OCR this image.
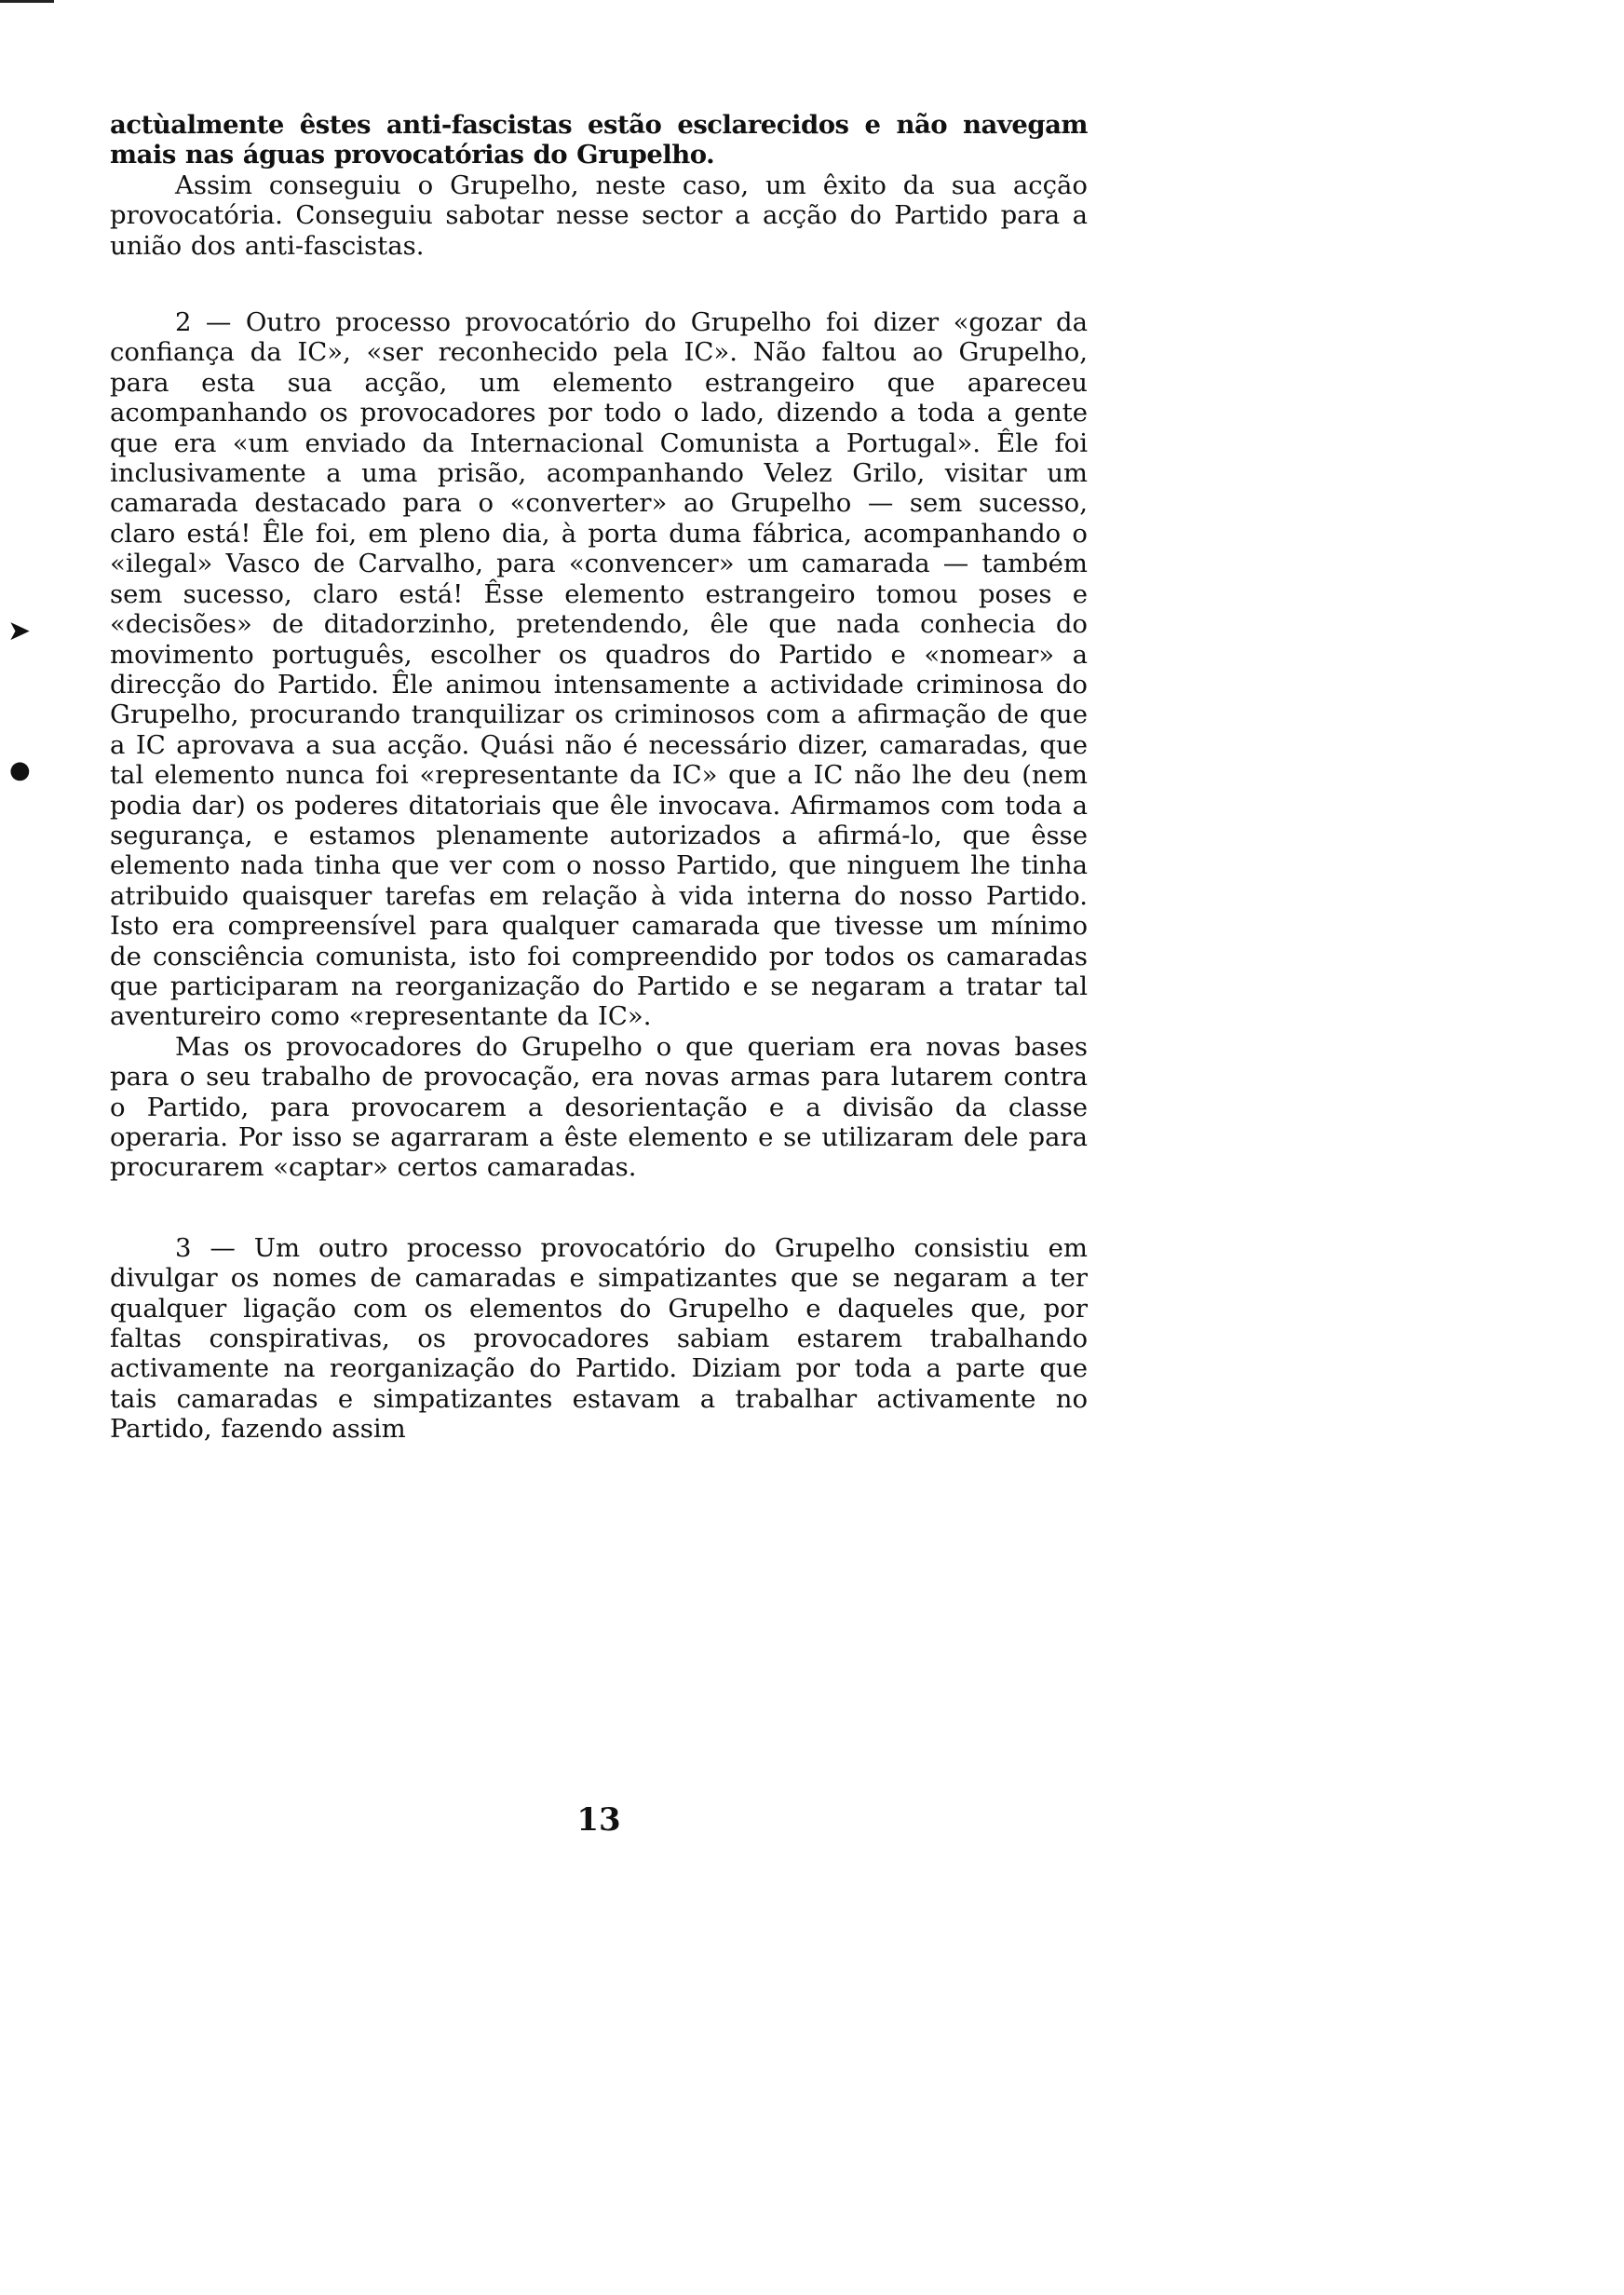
➤
●

actùalmente êstes anti-fascistas estão esclarecidos e não navegam mais nas águas provocatórias do Grupelho.

Assim conseguiu o Grupelho, neste caso, um êxito da sua acção provocatória. Conseguiu sabotar nesse sector a acção do Partido para a união dos anti-fascistas.

2 — Outro processo provocatório do Grupelho foi dizer «gozar da confiança da IC», «ser reconhecido pela IC». Não faltou ao Grupelho, para esta sua acção, um elemento estrangeiro que apareceu acompanhando os provocadores por todo o lado, dizendo a toda a gente que era «um enviado da Internacional Comunista a Portugal». Êle foi inclusivamente a uma prisão, acompanhando Velez Grilo, visitar um camarada destacado para o «converter» ao Grupelho — sem sucesso, claro está! Êle foi, em pleno dia, à porta duma fábrica, acompanhando o «ilegal» Vasco de Carvalho, para «convencer» um camarada — também sem sucesso, claro está! Êsse elemento estrangeiro tomou poses e «decisões» de ditadorzinho, pretendendo, êle que nada conhecia do movimento português, escolher os quadros do Partido e «nomear» a direcção do Partido. Êle animou intensamente a actividade criminosa do Grupelho, procurando tranquilizar os criminosos com a afirmação de que a IC aprovava a sua acção. Quási não é necessário dizer, camaradas, que tal elemento nunca foi «representante da IC» que a IC não lhe deu (nem podia dar) os poderes ditatoriais que êle invocava. Afirmamos com toda a segurança, e estamos plenamente autorizados a afirmá-lo, que êsse elemento nada tinha que ver com o nosso Partido, que ninguem lhe tinha atribuido quaisquer tarefas em relação à vida interna do nosso Partido. Isto era compreensível para qualquer camarada que tivesse um mínimo de consciência comunista, isto foi compreendido por todos os camaradas que participaram na reorganização do Partido e se negaram a tratar tal aventureiro como «representante da IC».

Mas os provocadores do Grupelho o que queriam era novas bases para o seu trabalho de provocação, era novas armas para lutarem contra o Partido, para provocarem a desorientação e a divisão da classe operaria. Por isso se agarraram a êste elemento e se utilizaram dele para procurarem «captar» certos camaradas.

3 — Um outro processo provocatório do Grupelho consistiu em divulgar os nomes de camaradas e simpatizantes que se negaram a ter qualquer ligação com os elementos do Grupelho e daqueles que, por faltas conspirativas, os provocadores sabiam estarem trabalhando activamente na reorganização do Partido. Diziam por toda a parte que tais camaradas e simpatizantes estavam a trabalhar activamente no Partido, fazendo assim

13
